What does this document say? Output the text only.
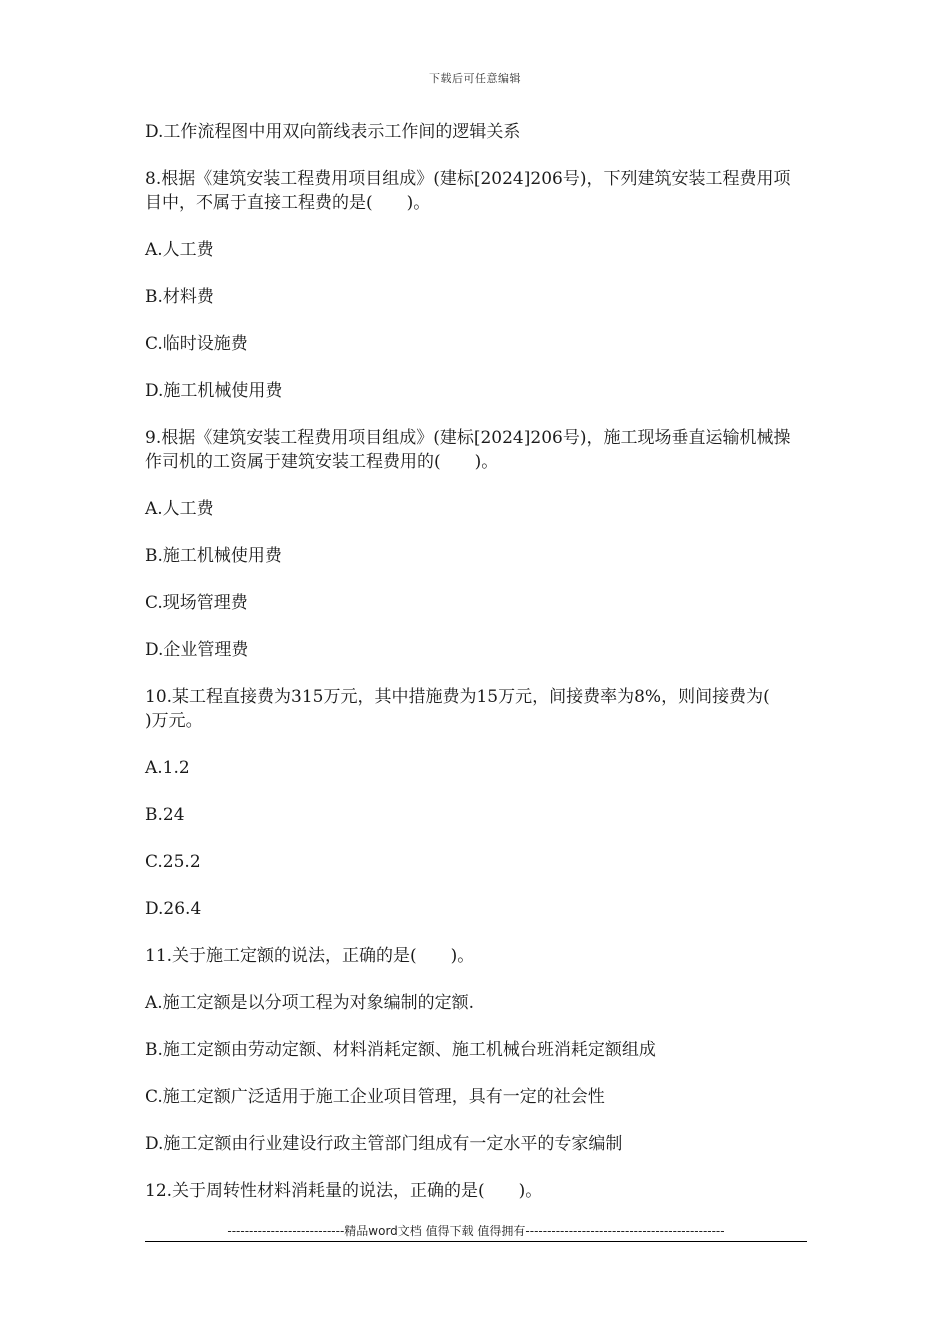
下载后可任意编辑

D.工作流程图中用双向箭线表示工作间的逻辑关系

8.根据《建筑安装工程费用项目组成》(建标[2024]206号)，下列建筑安装工程费用项目中，不属于直接工程费的是(　　)。

A.人工费

B.材料费

C.临时设施费

D.施工机械使用费

9.根据《建筑安装工程费用项目组成》(建标[2024]206号)，施工现场垂直运输机械操作司机的工资属于建筑安装工程费用的(　　)。

A.人工费

B.施工机械使用费

C.现场管理费

D.企业管理费

10.某工程直接费为315万元，其中措施费为15万元，间接费率为8%，则间接费为(　　)万元。

A.1.2

B.24

C.25.2

D.26.4

11.关于施工定额的说法，正确的是(　　)。

A.施工定额是以分项工程为对象编制的定额.

B.施工定额由劳动定额、材料消耗定额、施工机械台班消耗定额组成

C.施工定额广泛适用于施工企业项目管理，具有一定的社会性

D.施工定额由行业建设行政主管部门组成有一定水平的专家编制

12.关于周转性材料消耗量的说法，正确的是(　　)。

---------------------------精品word文档 值得下载 值得拥有----------------------------------------------
